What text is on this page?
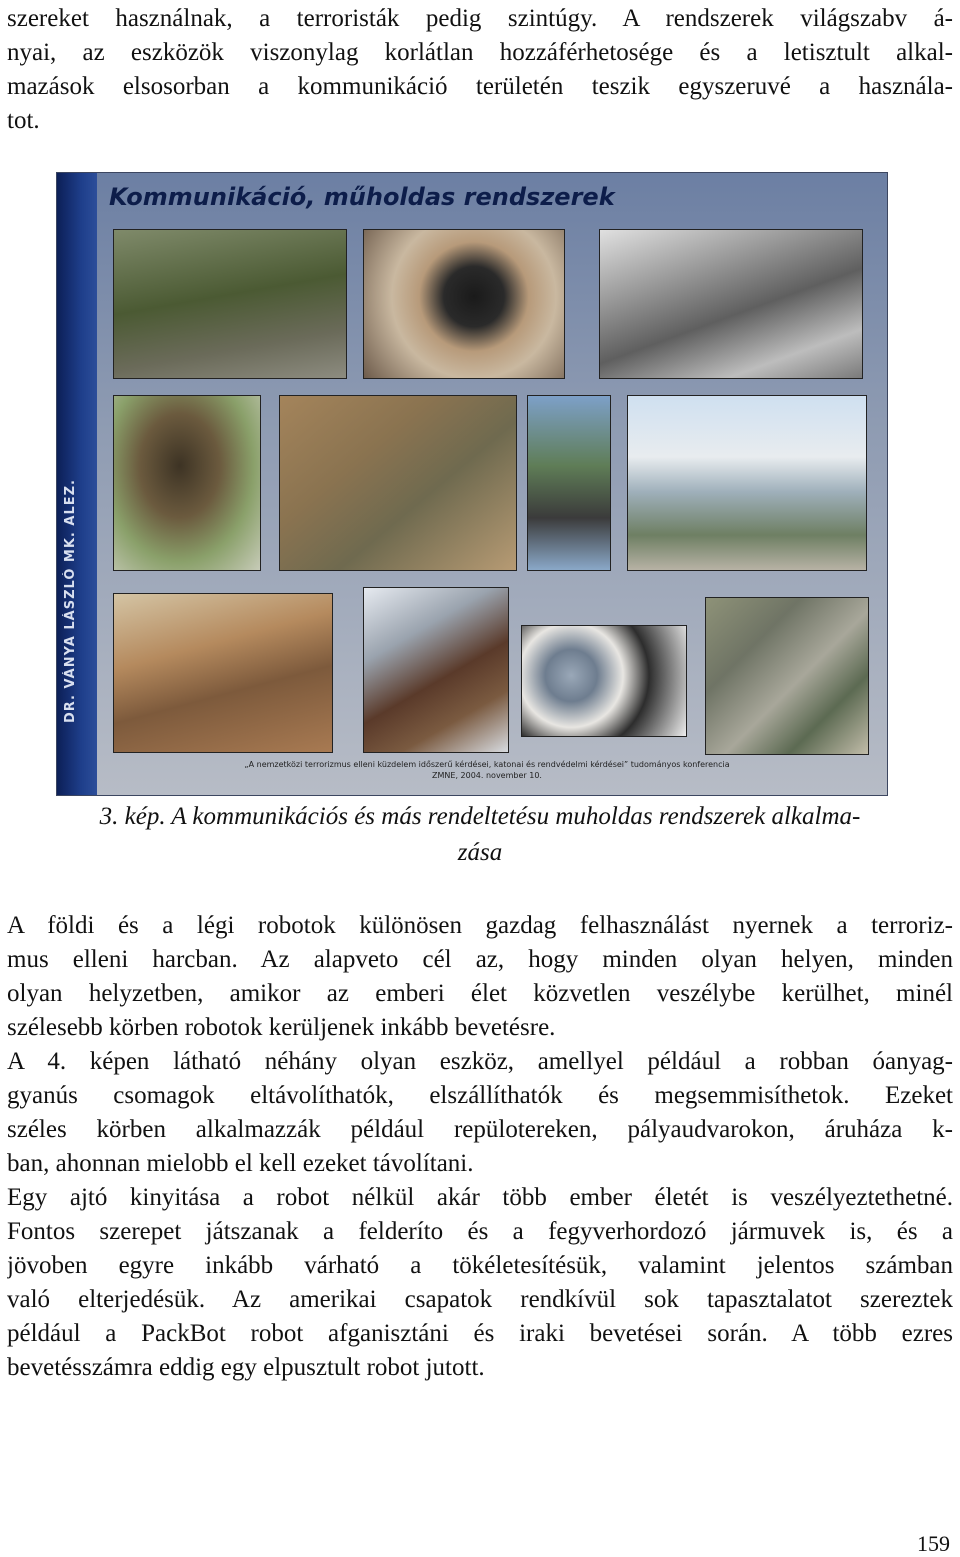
szereket használnak, a terroristák pedig szintúgy. A rendszerek világszabv á-
nyai, az eszközök viszonylag korlátlan hozzáférhetosége és a letisztult alkal-
mazások elsosorban a kommunikáció területén teszik egyszeruvé a használa-
tot.
DR. VÁNYA LÁSZLÓ MK. ALEZ.
Kommunikáció, műholdas rendszerek
„A nemzetközi terrorizmus elleni küzdelem időszerű kérdései, katonai és rendvédelmi kérdései” tudományos konferencia
ZMNE, 2004. november 10.
3. kép. A kommunikációs és más rendeltetésu muholdas rendszerek alkalma-
zása
A földi és a légi robotok különösen gazdag felhasználást nyernek a terroriz-
mus elleni harcban. Az alapveto cél az, hogy minden olyan helyen, minden
olyan helyzetben, amikor az emberi élet közvetlen veszélybe kerülhet, minél
szélesebb körben robotok kerüljenek inkább bevetésre.
A 4. képen látható néhány olyan eszköz, amellyel például a robban óanyag-
gyanús csomagok eltávolíthatók, elszállíthatók és megsemmisíthetok. Ezeket
széles körben alkalmazzák például repülotereken, pályaudvarokon, áruháza k-
ban, ahonnan mielobb el kell ezeket távolítani.
Egy ajtó kinyitása a robot nélkül akár több ember életét is veszélyeztethetné.
Fontos szerepet játszanak a felderíto és a fegyverhordozó jármuvek is, és a
jövoben egyre inkább várható a tökéletesítésük, valamint jelentos számban
való elterjedésük. Az amerikai csapatok rendkívül sok tapasztalatot szereztek
például a PackBot robot afganisztáni és iraki bevetései során. A több ezres
bevetésszámra eddig egy elpusztult robot jutott.
159
